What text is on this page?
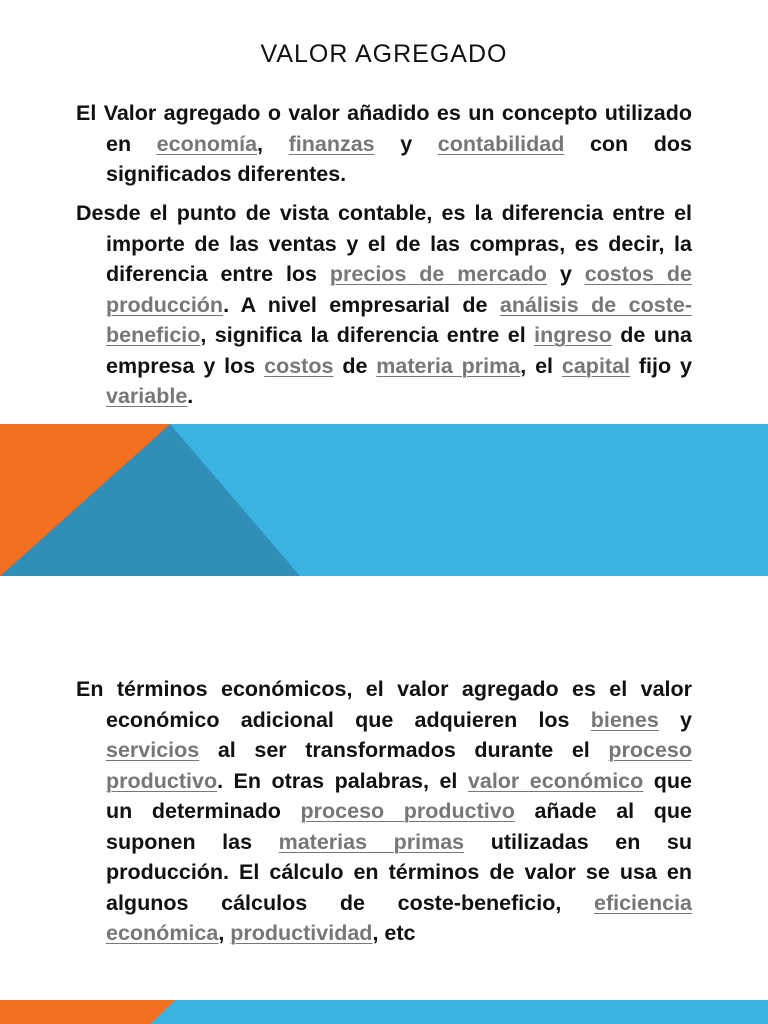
VALOR AGREGADO
El Valor agregado o valor añadido es un concepto utilizado en economía, finanzas y contabilidad con dos significados diferentes.
Desde el punto de vista contable, es la diferencia entre el importe de las ventas y el de las compras, es decir, la diferencia entre los precios de mercado y costos de producción. A nivel empresarial de análisis de coste-beneficio, significa la diferencia entre el ingreso de una empresa y los costos de materia prima, el capital fijo y variable.
En términos económicos, el valor agregado es el valor económico adicional que adquieren los bienes y servicios al ser transformados durante el proceso productivo. En otras palabras, el valor económico que un determinado proceso productivo añade al que suponen las materias primas utilizadas en su producción. El cálculo en términos de valor se usa en algunos cálculos de coste-beneficio, eficiencia económica, productividad, etc
